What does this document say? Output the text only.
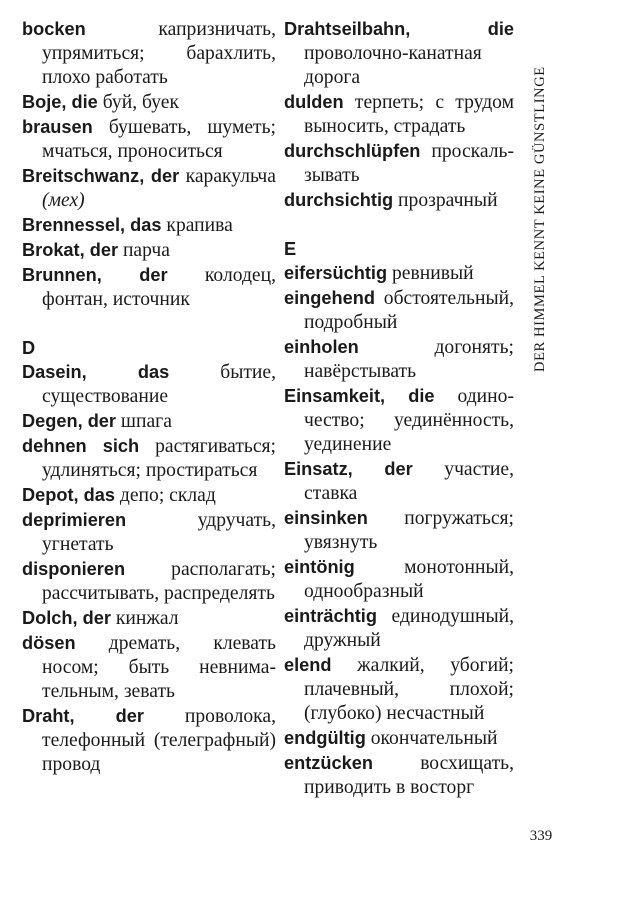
bocken	капризничать, упрямиться; барахлить, плохо работать
Boje, die буй, буек
brausen бушевать, шуметь; мчаться, проноситься
Breitschwanz, der каракульча (мех)
Brennessel, das крапива
Brokat, der парча
Brunnen, der колодец, фонтан, источник
D
Dasein, das	бытие, существование
Degen, der шпага
dehnen sich растягиваться; удлиняться; простираться
Depot, das депо; склад
deprimieren	удручать, угнетать
disponieren располагать; рассчитывать, распределять
Dolch, der кинжал
dösen дремать, клевать носом; быть невнимательным, зевать
Draht, der проволока, телефонный (телеграфный) провод
Drahtseilbahn, die проволочно-канатная дорога
dulden терпеть; с трудом выносить, страдать
durchschlüpfen проскальзывать
durchsichtig прозрачный
E
eifersüchtig ревнивый
eingehend обстоятельный, подробный
einholen	догонять; навёрстывать
Einsamkeit, die одиночество; уединённость, уединение
Einsatz, der участие, ставка
einsinken погружаться; увязнуть
eintönig	монотонный, однообразный
einträchtig единодушный, дружный
elend жалкий, убогий; плачевный, плохой; (глубоко) несчастный
endgültig окончательный
entzücken восхищать, приводить в восторг
DER HIMMEL KENNT KEINE GÜNSTLINGE
339
